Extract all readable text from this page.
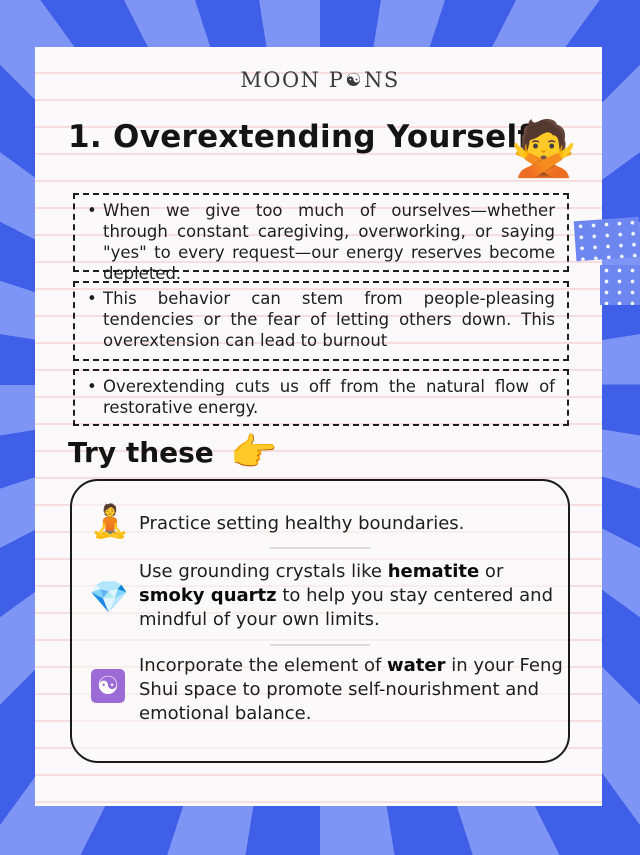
MOON P☯NS
1. Overextending Yourself
🙅
• When we give too much of ourselves—whether through constant caregiving, overworking, or saying "yes" to every request—our energy reserves become depleted.
• This behavior can stem from people-pleasing tendencies or the fear of letting others down. This overextension can lead to burnout
• Overextending cuts us off from the natural flow of restorative energy.
Try these 👉
🧘 Practice setting healthy boundaries.
💎
Use grounding crystals like hematite or smoky quartz to help you stay centered and mindful of your own limits.
☯
Incorporate the element of water in your Feng Shui space to promote self-nourishment and emotional balance.
